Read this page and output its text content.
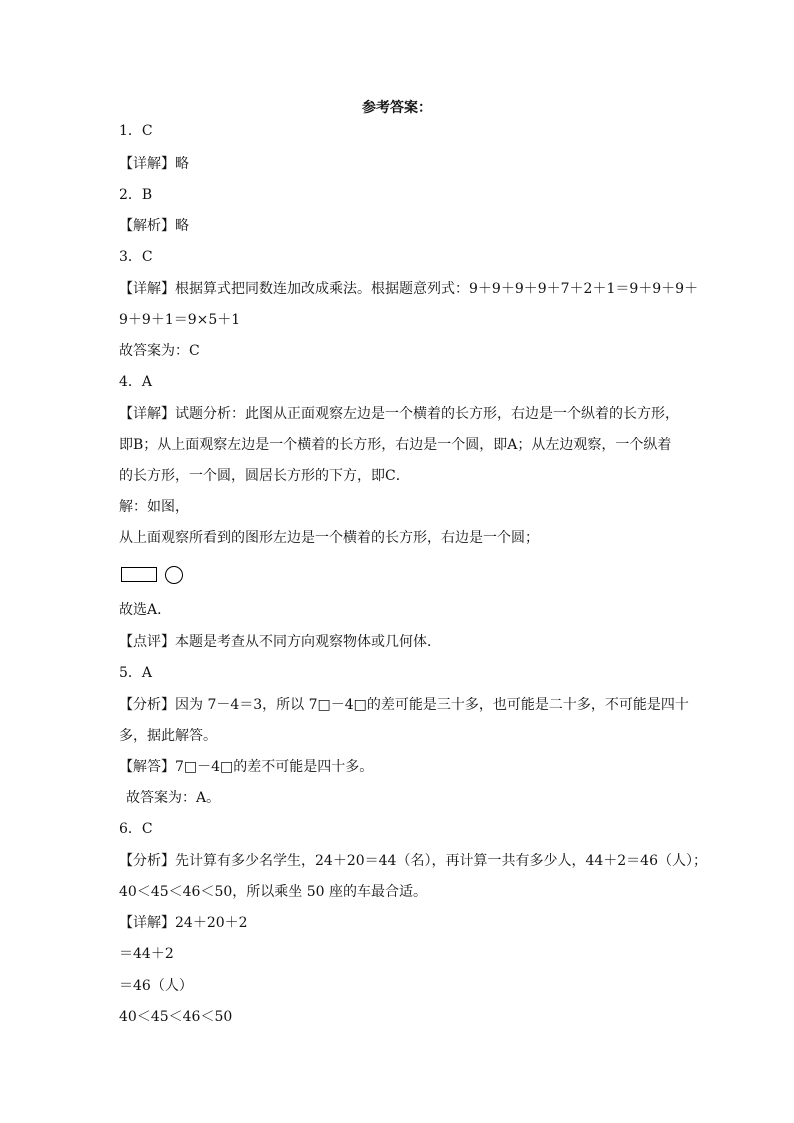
参考答案：
1．C
【详解】略
2．B
【解析】略
3．C
【详解】根据算式把同数连加改成乘法。根据题意列式：9＋9＋9＋9＋7＋2＋1＝9＋9＋9＋
9＋9＋1＝9×5＋1
故答案为：C
4．A
【详解】试题分析：此图从正面观察左边是一个横着的长方形，右边是一个纵着的长方形，
即B；从上面观察左边是一个横着的长方形，右边是一个圆，即A；从左边观察，一个纵着
的长方形，一个圆，圆居长方形的下方，即C．
解：如图，
从上面观察所看到的图形左边是一个横着的长方形，右边是一个圆；
故选A．
【点评】本题是考查从不同方向观察物体或几何体．
5．A
【分析】因为 7－4＝3，所以 7□－4□的差可能是三十多，也可能是二十多，不可能是四十
多，据此解答。
【解答】7□－4□的差不可能是四十多。
故答案为：A。
6．C
【分析】先计算有多少名学生，24＋20＝44（名），再计算一共有多少人，44＋2＝46（人）；
40＜45＜46＜50，所以乘坐 50 座的车最合适。
【详解】24＋20＋2
＝44＋2
＝46（人）
40＜45＜46＜50
